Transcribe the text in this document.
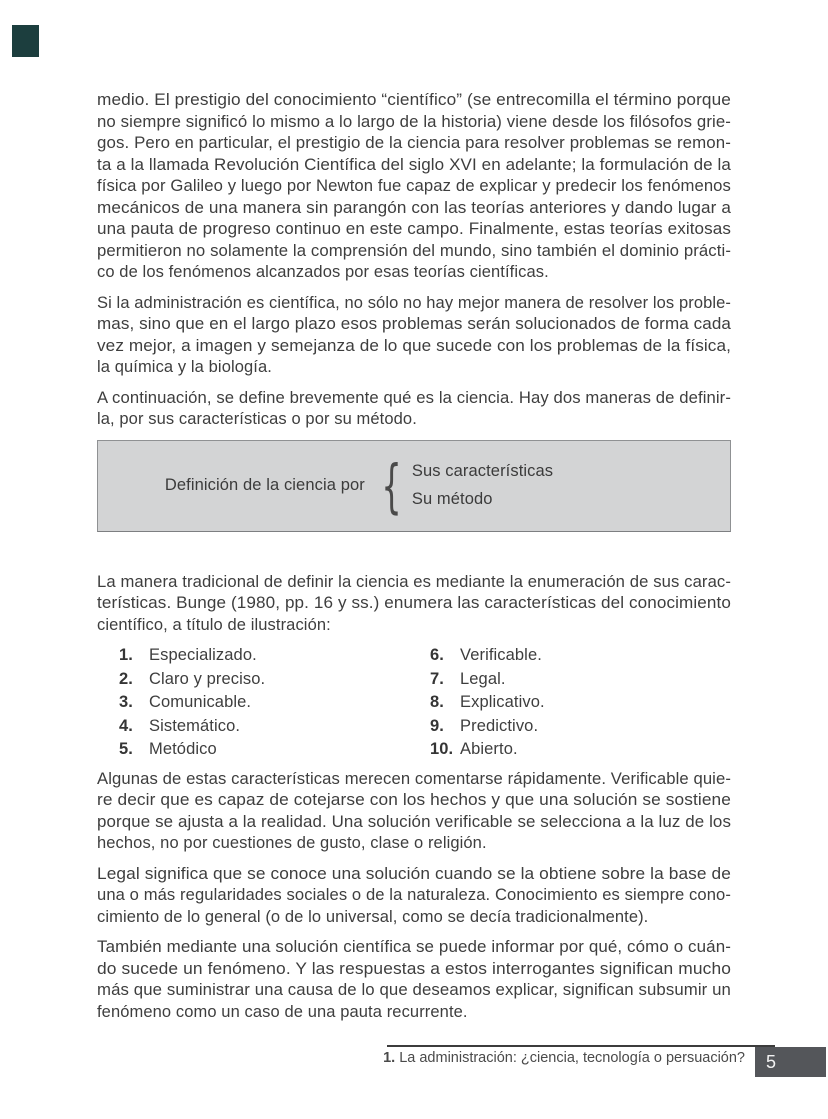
medio. El prestigio del conocimiento “científico” (se entrecomilla el término porque
no siempre significó lo mismo a lo largo de la historia) viene desde los filósofos grie-
gos. Pero en particular, el prestigio de la ciencia para resolver problemas se remon-
ta a la llamada Revolución Científica del siglo XVI en adelante; la formulación de la
física por Galileo y luego por Newton fue capaz de explicar y predecir los fenómenos
mecánicos de una manera sin parangón con las teorías anteriores y dando lugar a
una pauta de progreso continuo en este campo. Finalmente, estas teorías exitosas
permitieron no solamente la comprensión del mundo, sino también el dominio prácti-
co de los fenómenos alcanzados por esas teorías científicas.
Si la administración es científica, no sólo no hay mejor manera de resolver los proble-
mas, sino que en el largo plazo esos problemas serán solucionados de forma cada
vez mejor, a imagen y semejanza de lo que sucede con los problemas de la física,
la química y la biología.
A continuación, se define brevemente qué es la ciencia. Hay dos maneras de definir-
la, por sus características o por su método.
Definición de la ciencia por { Sus características
Su método
La manera tradicional de definir la ciencia es mediante la enumeración de sus carac-
terísticas. Bunge (1980, pp. 16 y ss.) enumera las características del conocimiento
científico, a título de ilustración:
1. Especializado.
2. Claro y preciso.
3. Comunicable.
4. Sistemático.
5. Metódico
6. Verificable.
7. Legal.
8. Explicativo.
9. Predictivo.
10. Abierto.
Algunas de estas características merecen comentarse rápidamente. Verificable quie-
re decir que es capaz de cotejarse con los hechos y que una solución se sostiene
porque se ajusta a la realidad. Una solución verificable se selecciona a la luz de los
hechos, no por cuestiones de gusto, clase o religión.
Legal significa que se conoce una solución cuando se la obtiene sobre la base de
una o más regularidades sociales o de la naturaleza. Conocimiento es siempre cono-
cimiento de lo general (o de lo universal, como se decía tradicionalmente).
También mediante una solución científica se puede informar por qué, cómo o cuán-
do sucede un fenómeno. Y las respuestas a estos interrogantes significan mucho
más que suministrar una causa de lo que deseamos explicar, significan subsumir un
fenómeno como un caso de una pauta recurrente.
1. La administración: ¿ciencia, tecnología o persuación?	5
